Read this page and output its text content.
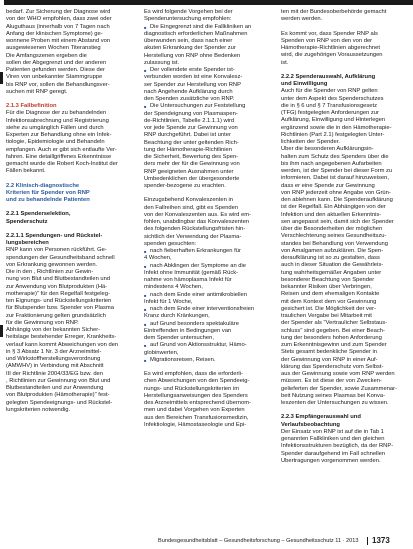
bedarf. Zur Sicherung der Diagnose wird

von der WHO empfohlen, dass zwei oder

Aluguthaus (innerhalb von 7 Tagen nach

Anfang der klinischen Symptome) ge-

wonnene Proben mit einem Abstand von

ausgewiesenen Wochen Titeranstieg

Die Amfangszenen ergeben die

sollen der Abgegrenzt und der anderen

Patienten gefunden werden. Diese der

Viren von unbekannter Stammgruppe

bis RNP vor, sollen die Behandlungsver-

suchen mit RNP geregt.

2.1.3 Fallbefinition

Für die Diagnose der zu behandelnden

Infektionsabrechnung und Registrierung

siehe zu umgänglich Fällen und durch

Experten zur Behandlung ohne ein Infek-

tiologie, Epidemiologie und Behandeln

empfangen. Auch er gibt sich entlaufte Ver-

fahren. Eine detaillgriffenes Erkenntnisse

gemacht wurde die Robert Koch-Institut der

Fällen bekannt.

2.2 Klinisch-diagnostische

Kriterien für Spender von RNP

und zu behandelnde Patienten

2.2.1 Spenderselektion,

Spenderschutz

2.2.1.1 Spendungen- und Rückstel-

lungsbereichen

RNP kann von Personen rückführt. Ge-

spendungen der Gesundheitsband schnell

von Erkrankung gewonnen werden.

Die in den , Richtlinien zur Gewin-

nung von Blut und Blutbestandteilen und

zur Anwendung von Blutprodukten (Hä-

motherapie)" für den Regelfall festgeleg-

ten Eignungs- und Rückstellungskriterien

für Blutspender bzw. Spender von Plasma

zur Fraktionierung gelten grundsätzlich

für die Gewinnung von RNP.

Abhängig von der bekannten Sicher-

heitslage bestehender Erreger, Krankheits-

verlauf kann kommt Abweichungen von den

in § 3 Absatz 1 Nr. 3 der Arzneimittel-

und Wirkstoffherstellungsverordnung

(AMWHV) in Verbindung mit Abschnitt

III der Richtlinie 2004/33/EG bzw. den

, Richtlinien zur Gewinnung von Blut und

Blutbestandteilen und zur Anwendung

von Blutprodukten (Hämotherapie)" fest-

gelegten Spendeeignungs- und Rückstel-

lungskriterien notwendig.

Es wird folgende Vorgehen bei der

Spenderuntersuchung empfohlen:

■ Die Eingegrenzt sind die Fallkliniken an

diagnostisch erforderlichen Maßnahmen

überwunden sein, dass nach einer

akuten Erkrankung der Spender zur

Herstellung von RNP ohne Bedenken

zulassung ist.

■ Der vollendete erste Spender ist-

verbunden worden ist eine Konvalesz-

ser Spender zur Herstellung von RNP

nach Angehende Aufklärung durch

den Spenden zusätzliche von RNP.

■ Die Untersuchungen zur Feststellung

der Spendeignung von Plasmaspen-

de-Richtlinien, Tabelle 2.1.1.1) wird

vor jede Spende zur Gewinnung von

RNP durchgeführt. Dabei ist unter

Beachtung der unter geltenden Rich-

tung der Hämotherapie-Richtlinien

die Sicherheit, Bewertung des Spen-

ders mehr der für die Gewinnung von

RNP geeigneten Ausnahmen unter

Umbedenklichen der übergesonderte

spender-bezogene zu erachten.

Einzugsbehend Konvaleszenten in

den Fallreihen sind, gibt es Spenden

von der Konvaleszenten aus. Es wird em-

fohlen, unabdingbar das Konvaleszenten

des folgenden Rückstellungsfristen hin-

sichtlich der Verwendung der Plasma-

spenden gesuchten:

■ nach fieberhaften Erkrankungen für

4 Wochen,

■ nach Abklingen der Symptome an die

Infekt ohne Immunität (gemäß Rück-

nahme von hämoplasma Infekt für

mindestens 4 Wochen,

■ nach dem Ende einer antimikrobiellen

Infekt für 1 Woche,

■ nach dem Ende einer interventionsfreien

Kranz durch Kränkungen,

■ auf Grund besonders spektakuläre

Eintreffenden in Bedingungen van

dem Spender untersuchen,

■ auf Grund von Aktionsstruktur, Hämo-

globinwerten,

■ Migrationsreisen, Reisen.

Es wird empfohlen, dass die erforderli-

chen Abweichungen von den Spendeeig-

nungs- und Rückstellungskriterien im

Herstellungsanweisungen des Spenders

des Arzneimittels entsprechend übernom-

men und dabei Vorgehen von Experten

aus den Bereichen Transfusionsmedizin,

Infektiologie, Hämostaseologie und Epi-

ten mit der Bundesoberbehörde gemacht

werden werden.

Es kommt vor, dass Spender RNP als

Spenden von RNP von den von der

Hämotherapie-Richtlinien abgerechnet

wird, die zugehörigen Voraussetzungen

ist.

2.2.2 Spenderauswahl, Aufklärung

und Einwilligung

Auch für die Spender von RNP gelten

unter dem Aspekt des Spenderschutzes

die in § 6 und § 7 Transfusionsgesetz

(TFG) festgelegten Anforderungen zur

Aufklärung, Einwilligung und Hinterlegen

ergänzend sowie die in den Hämotherapie-

Richtlinien (Part 2.1) festgelegten Unter-

lichkeiten der Spender.

Über die besonderen Aufklärungsin-

halten zum Schutz des Spenders über die

bis ihm nach angegebenen Aufarbeiten

werden, ist der Spender bei dieser Form zu

informieren. Dabei ist darauf hinzuweisen,

dass er eine Spende zur Gewinnung

von RNP jederzeit ohne Angabe von Grün-

den ablehnen kann. Die Spenderaufklärung

ist der Regelfall. Ein Abhängigen von der

Infektion und den aktuellen Erkenntnis-

sen angepasst sein, damit sich der Spender

über die Besonderheiten der möglichen

Verschlechterung seines Gesundheitszu-

standes bei Behandlung von Verwendung

von Amalgamen aufzuklären. Die Spen-

deraufklärung ist so zu gestalten, dass

auch in dieser Situation die Gewährleis-

tung wahrheitsgemäßer Angaben unter

besonderer Beachtung von Spender

bekannter Risiken über Verbringen,

Reisen und dem ehemaligen Kontakte

mit dem Kontext dem vor Gewinnung

gesichert ist. Die Möglichkeit der ver-

traulichen Vergabe bei Mitarbeit mit

der Spender als "Vertraulicher Selbstaus-

schluss" sind gegeben. Bei einer Beach-

tung der besonders hohen Anforderung

zum Erkenntnisgewinn und zum Spender

Stets gesamt bedenkliche Spender in

der Gewinnung von RNP in einer Auf-

klärung das Spenderschutz vom Selbst-

aus der Gewinnung sowie vom RNP werden

müssen. Es ist diese der von Zwecken-

gelieferten der Spender, sowie Zusammenar-

beit Nutzung seines Plasmas bei Konva-

leszenten der Untersuchungen zu wissen.

2.2.3 Empfängerauswahl und

Verlaufsbeobachtung

Der Einsatz von RNP ist auf die in Tab 1

genannten Fallkliniken und den gleichen

Infektionsstrukturen bezüglich, da der RNP-

Spender daraufgehend im Fall schnellen

Übertragungen vorgenommen werden.

Bundesgesundheitsblatt – Gesundheitsforschung – Gesundheitsschutz 11 · 2013 1373
